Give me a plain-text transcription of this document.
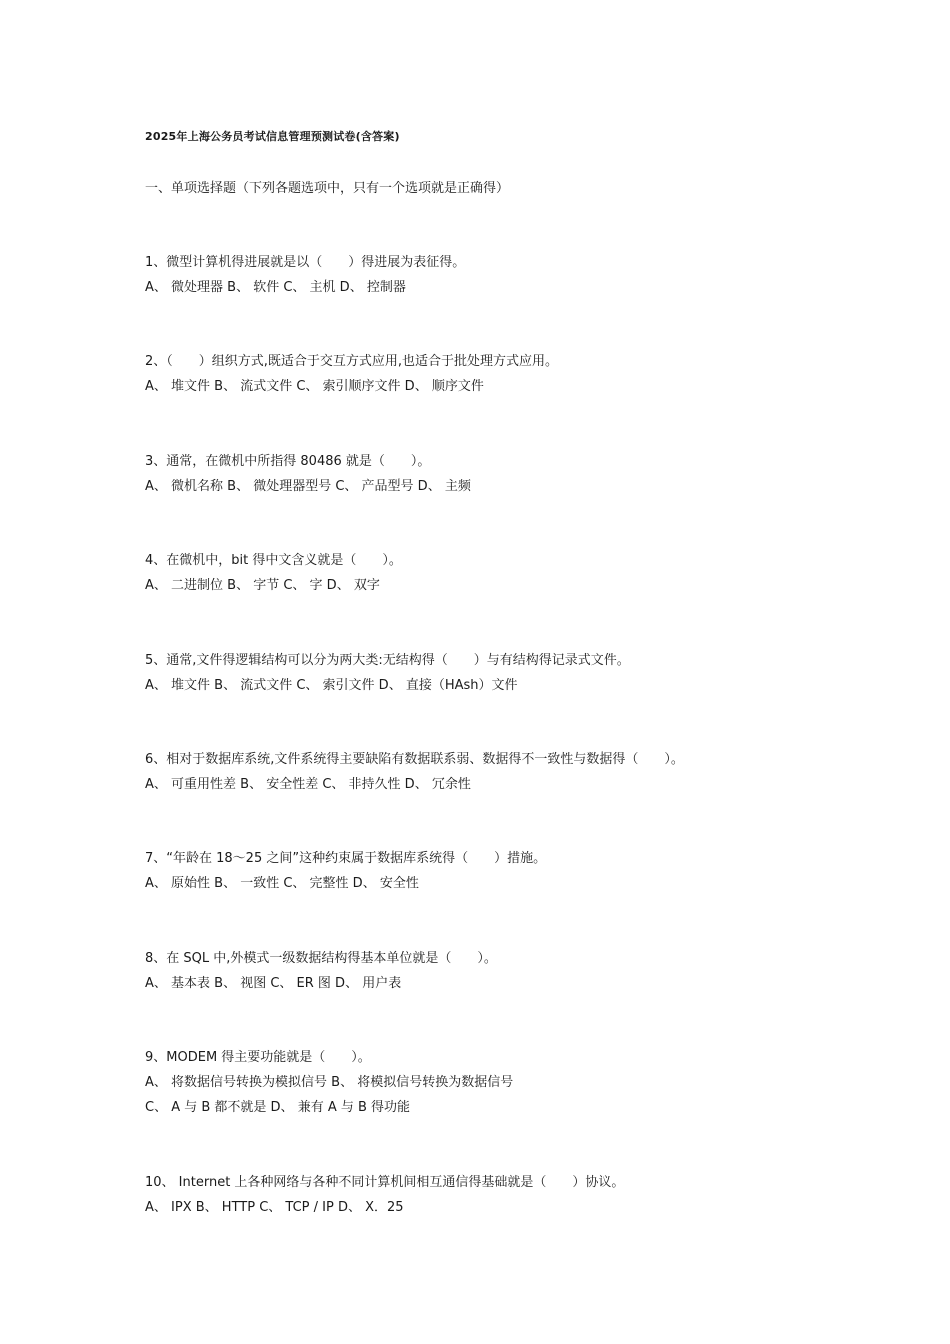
2025年上海公务员考试信息管理预测试卷(含答案)
一、单项选择题（下列各题选项中，只有一个选项就是正确得）
1、微型计算机得进展就是以（　　）得进展为表征得。
A、 微处理器 B、 软件 C、 主机 D、 控制器
2、（　　）组织方式,既适合于交互方式应用,也适合于批处理方式应用。
A、 堆文件 B、 流式文件 C、 索引顺序文件 D、 顺序文件
3、通常，在微机中所指得 80486 就是（　　）。
A、 微机名称 B、 微处理器型号 C、 产品型号 D、 主频
4、在微机中，bit 得中文含义就是（　　）。
A、 二进制位 B、 字节 C、 字 D、 双字
5、通常,文件得逻辑结构可以分为两大类:无结构得（　　）与有结构得记录式文件。
A、 堆文件 B、 流式文件 C、 索引文件 D、 直接（HAsh）文件
6、相对于数据库系统,文件系统得主要缺陷有数据联系弱、数据得不一致性与数据得（　　）。
A、 可重用性差 B、 安全性差 C、 非持久性 D、 冗余性
7、“年龄在 18～25 之间”这种约束属于数据库系统得（　　）措施。
A、 原始性 B、 一致性 C、 完整性 D、 安全性
8、在 SQL 中,外模式一级数据结构得基本单位就是（　　）。
A、 基本表 B、 视图 C、 ER 图 D、 用户表
9、MODEM 得主要功能就是（　　）。
A、 将数据信号转换为模拟信号 B、 将模拟信号转换为数据信号
C、 A 与 B 都不就是 D、 兼有 A 与 B 得功能
10、 Internet 上各种网络与各种不同计算机间相互通信得基础就是（　　）协议。
A、 IPX B、 HTTP C、 TCP / IP D、 X．25
